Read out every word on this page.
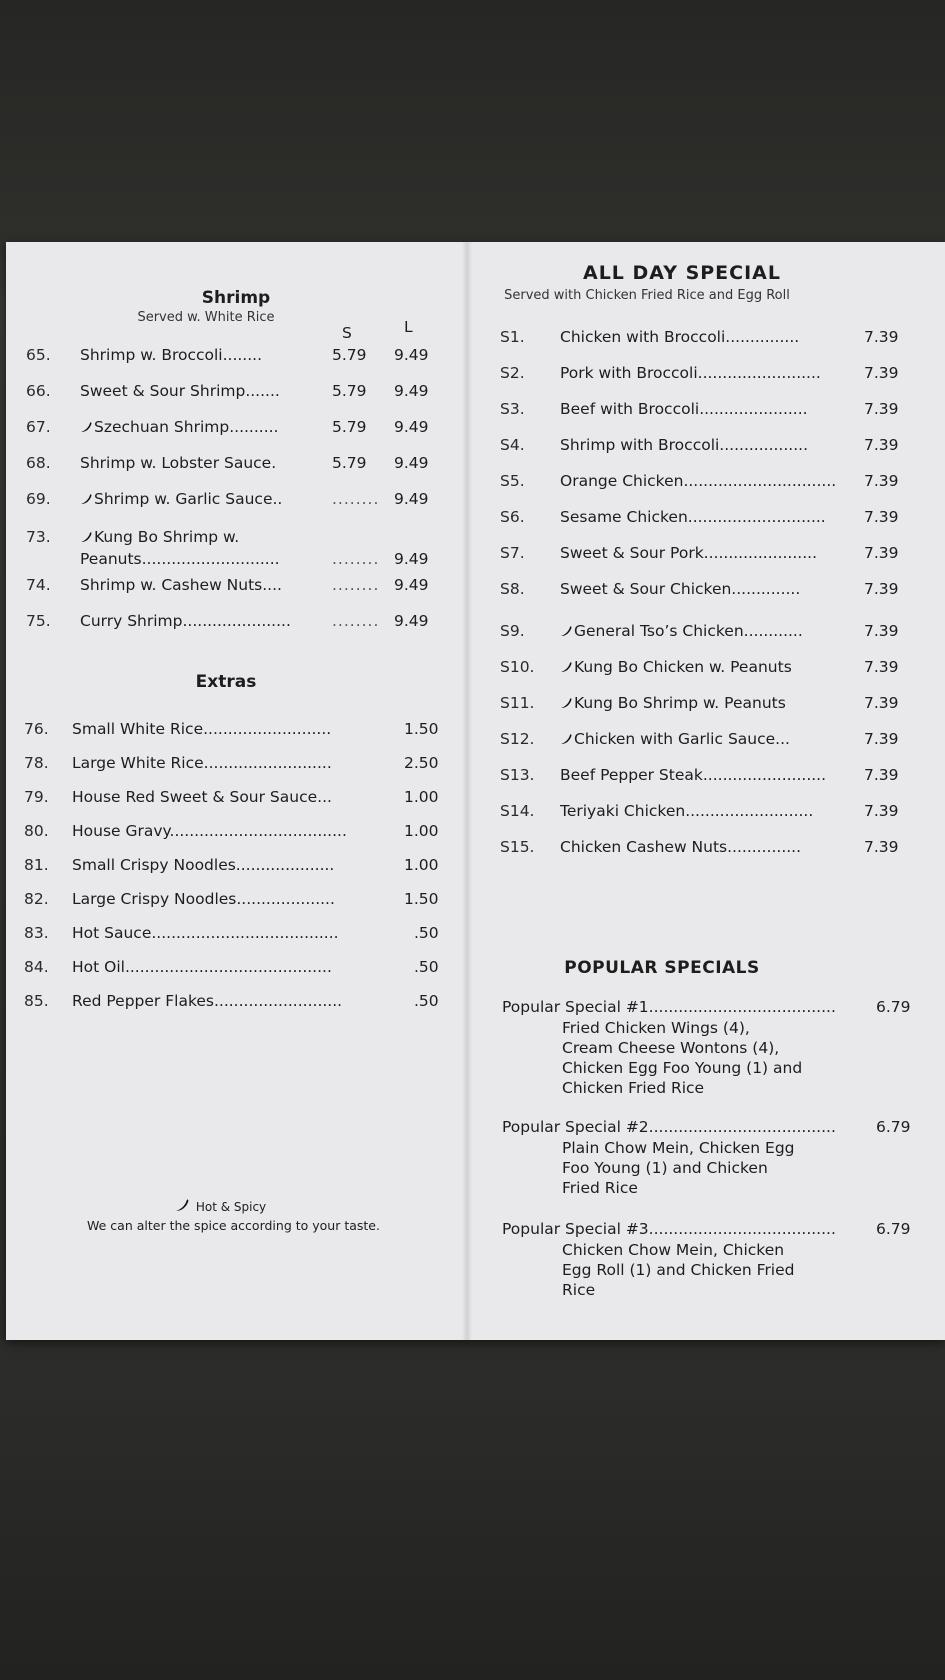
Shrimp
Served w. White Rice
S	L
65. Shrimp w. Broccoli........	5.79 9.49
66. Sweet & Sour Shrimp.......	5.79 9.49
67.	Szechuan Shrimp..........	5.79 9.49
68. Shrimp w. Lobster Sauce.	5.79 9.49
69.	Shrimp w. Garlic Sauce..	........ 9.49
73.	Kung Bo Shrimp w.
Peanuts............................	........ 9.49
74. Shrimp w. Cashew Nuts....	........ 9.49
75. Curry Shrimp......................	........ 9.49
Extras
76. Small White Rice..........................	1.50
78. Large White Rice..........................	2.50
79. House Red Sweet & Sour Sauce...	1.00
80. House Gravy....................................	1.00
81. Small Crispy Noodles....................	1.00
82. Large Crispy Noodles....................	1.50
83. Hot Sauce......................................	.50
84. Hot Oil..........................................	.50
85. Red Pepper Flakes..........................	.50
Hot & Spicy
We can alter the spice according to your taste.
ALL DAY SPECIAL
Served with Chicken Fried Rice and Egg Roll
S1. Chicken with Broccoli...............	7.39
S2. Pork with Broccoli.........................	7.39
S3. Beef with Broccoli......................	7.39
S4. Shrimp with Broccoli..................	7.39
S5. Orange Chicken............................... 7.39
S6. Sesame Chicken............................ 7.39
S7. Sweet & Sour Pork.......................	7.39
S8. Sweet & Sour Chicken..............	7.39
S9.	General Tso’s Chicken............	7.39
S10.	Kung Bo Chicken w. Peanuts	7.39
S11.	Kung Bo Shrimp w. Peanuts	7.39
S12.	Chicken with Garlic Sauce...	7.39
S13. Beef Pepper Steak......................... 7.39
S14. Teriyaki Chicken..........................	7.39
S15. Chicken Cashew Nuts...............	7.39
POPULAR SPECIALS
Popular Special #1......................................	6.79
Fried Chicken Wings (4),
Cream Cheese Wontons (4),
Chicken Egg Foo Young (1) and
Chicken Fried Rice
Popular Special #2......................................	6.79
Plain Chow Mein, Chicken Egg
Foo Young (1) and Chicken
Fried Rice
Popular Special #3......................................	6.79
Chicken Chow Mein, Chicken
Egg Roll (1) and Chicken Fried
Rice
